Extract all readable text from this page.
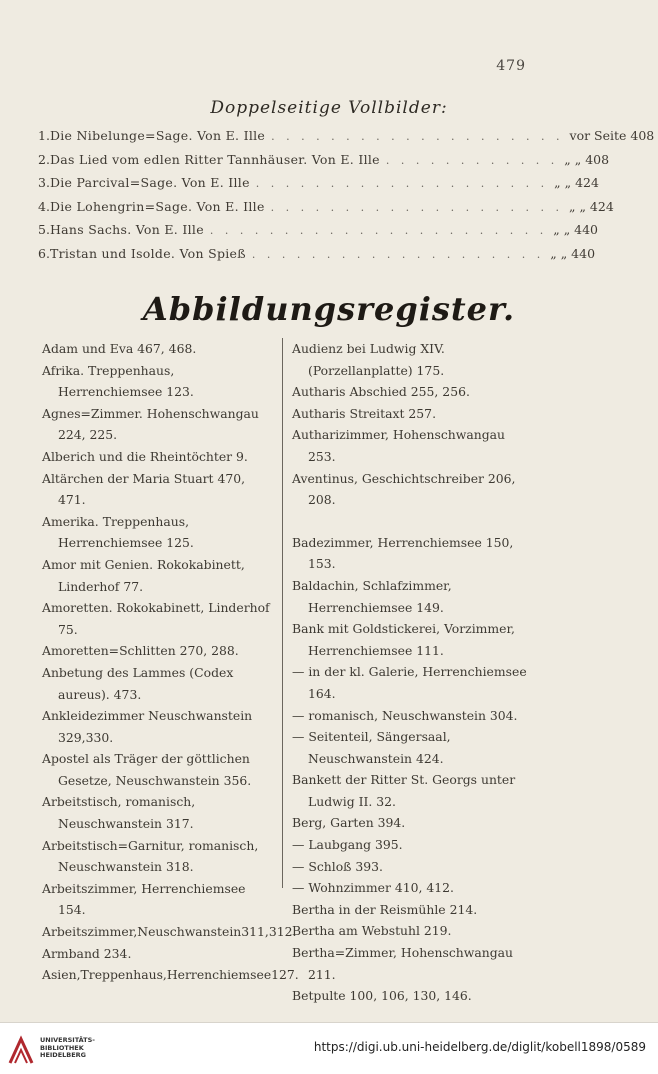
479
Doppelseitige Vollbilder:
1. Die Nibelunge=Sage. Von E. Ille . . . . . . . . . . . . . . . . . . . . vor Seite 408
2. Das Lied vom edlen Ritter Tannhäuser. Von E. Ille . . . . . . . . . . . . „ „ 408
3. Die Parcival=Sage. Von E. Ille . . . . . . . . . . . . . . . . . . . . „ „ 424
4. Die Lohengrin=Sage. Von E. Ille . . . . . . . . . . . . . . . . . . . . „ „ 424
5. Hans Sachs. Von E. Ille . . . . . . . . . . . . . . . . . . . . . . . „ „ 440
6. Tristan und Isolde. Von Spieß . . . . . . . . . . . . . . . . . . . . „ „ 440
Abbildungsregister.
Adam und Eva 467, 468.
Afrika. Treppenhaus, Herrenchiemsee 123.
Agnes=Zimmer. Hohenschwangau 224, 225.
Alberich und die Rheintöchter 9.
Altärchen der Maria Stuart 470, 471.
Amerika. Treppenhaus, Herrenchiemsee 125.
Amor mit Genien. Rokokabinett, Linderhof 77.
Amoretten. Rokokabinett, Linderhof 75.
Amoretten=Schlitten 270, 288.
Anbetung des Lammes (Codex aureus). 473.
Ankleidezimmer Neuschwanstein 329,330.
Apostel als Träger der göttlichen Gesetze, Neuschwanstein 356.
Arbeitstisch, romanisch, Neuschwanstein 317.
Arbeitstisch=Garnitur, romanisch, Neuschwanstein 318.
Arbeitszimmer, Herrenchiemsee 154.
Arbeitszimmer,Neuschwanstein311,312.
Armband 234.
Asien,Treppenhaus,Herrenchiemsee127.
Audienz bei Ludwig XIV. (Porzellanplatte) 175.
Autharis Abschied 255, 256.
Autharis Streitaxt 257.
Autharizimmer, Hohenschwangau 253.
Aventinus, Geschichtschreiber 206, 208.
Badezimmer, Herrenchiemsee 150, 153.
Baldachin, Schlafzimmer, Herrenchiemsee 149.
Bank mit Goldstickerei, Vorzimmer, Herrenchiemsee 111.
— in der kl. Galerie, Herrenchiemsee 164.
— romanisch, Neuschwanstein 304.
— Seitenteil, Sängersaal, Neuschwanstein 424.
Bankett der Ritter St. Georgs unter Ludwig II. 32.
Berg, Garten 394.
— Laubgang 395.
— Schloß 393.
— Wohnzimmer 410, 412.
Bertha in der Reismühle 214.
Bertha am Webstuhl 219.
Bertha=Zimmer, Hohenschwangau 211.
Betpulte 100, 106, 130, 146.
UNIVERSITÄTS-
BIBLIOTHEK
HEIDELBERG
https://digi.ub.uni-heidelberg.de/diglit/kobell1898/0589
